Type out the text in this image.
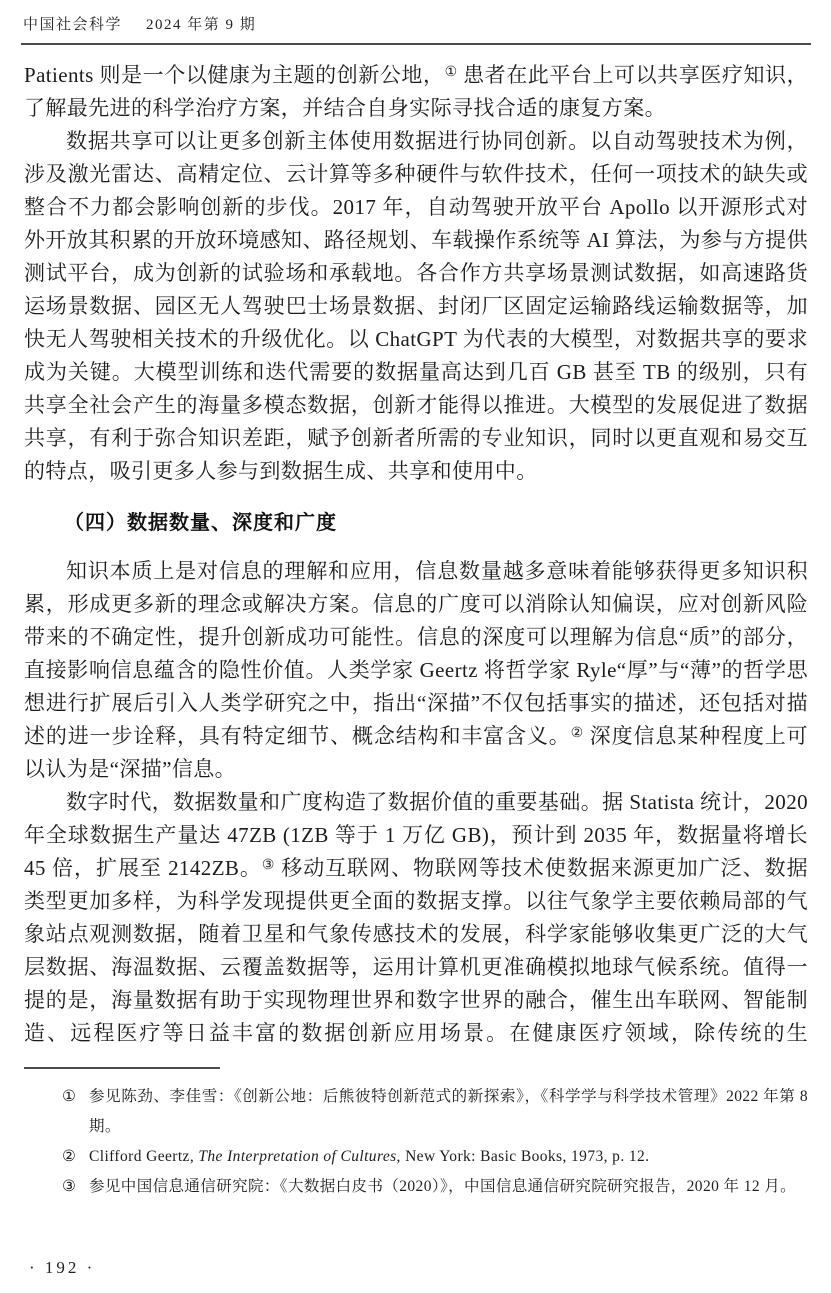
中国社会科学 2024 年第 9 期

Patients 则是一个以健康为主题的创新公地，① 患者在此平台上可以共享医疗知识，了解最先进的科学治疗方案，并结合自身实际寻找合适的康复方案。

数据共享可以让更多创新主体使用数据进行协同创新。以自动驾驶技术为例，涉及激光雷达、高精定位、云计算等多种硬件与软件技术，任何一项技术的缺失或整合不力都会影响创新的步伐。2017 年，自动驾驶开放平台 Apollo 以开源形式对外开放其积累的开放环境感知、路径规划、车载操作系统等 AI 算法，为参与方提供测试平台，成为创新的试验场和承载地。各合作方共享场景测试数据，如高速路货运场景数据、园区无人驾驶巴士场景数据、封闭厂区固定运输路线运输数据等，加快无人驾驶相关技术的升级优化。以 ChatGPT 为代表的大模型，对数据共享的要求成为关键。大模型训练和迭代需要的数据量高达到几百 GB 甚至 TB 的级别，只有共享全社会产生的海量多模态数据，创新才能得以推进。大模型的发展促进了数据共享，有利于弥合知识差距，赋予创新者所需的专业知识，同时以更直观和易交互的特点，吸引更多人参与到数据生成、共享和使用中。

（四）数据数量、深度和广度

知识本质上是对信息的理解和应用，信息数量越多意味着能够获得更多知识积累，形成更多新的理念或解决方案。信息的广度可以消除认知偏误，应对创新风险带来的不确定性，提升创新成功可能性。信息的深度可以理解为信息“质”的部分，直接影响信息蕴含的隐性价值。人类学家 Geertz 将哲学家 Ryle“厚”与“薄”的哲学思想进行扩展后引入人类学研究之中，指出“深描”不仅包括事实的描述，还包括对描述的进一步诠释，具有特定细节、概念结构和丰富含义。② 深度信息某种程度上可以认为是“深描”信息。

数字时代，数据数量和广度构造了数据价值的重要基础。据 Statista 统计，2020 年全球数据生产量达 47ZB (1ZB 等于 1 万亿 GB)，预计到 2035 年，数据量将增长 45 倍，扩展至 2142ZB。③ 移动互联网、物联网等技术使数据来源更加广泛、数据类型更加多样，为科学发现提供更全面的数据支撑。以往气象学主要依赖局部的气象站点观测数据，随着卫星和气象传感技术的发展，科学家能够收集更广泛的大气层数据、海温数据、云覆盖数据等，运用计算机更准确模拟地球气候系统。值得一提的是，海量数据有助于实现物理世界和数字世界的融合，催生出车联网、智能制造、远程医疗等日益丰富的数据创新应用场景。在健康医疗领域，除传统的生

① 参见陈劲、李佳雪：《创新公地：后熊彼特创新范式的新探索》，《科学学与科学技术管理》2022 年第 8 期。
② Clifford Geertz, The Interpretation of Cultures, New York: Basic Books, 1973, p. 12.
③ 参见中国信息通信研究院：《大数据白皮书（2020）》，中国信息通信研究院研究报告，2020 年 12 月。
· 192 ·
